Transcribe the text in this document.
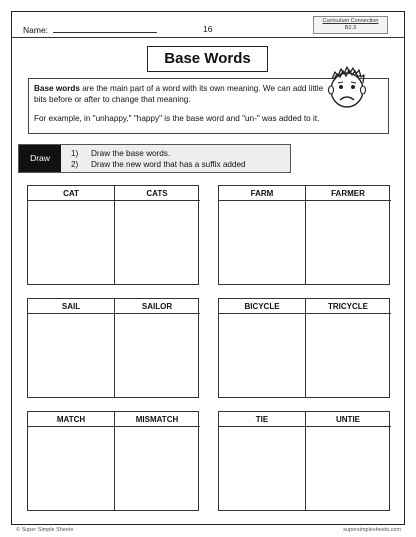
Name:	16
Curriculum Connection
B2.3
Base Words

Base words are the main part of a word with its own meaning. We can add little bits before or after to change that meaning.

For example, in "unhappy," "happy" is the base word and "un-" was added to it.

Draw	1)	Draw the base words.
2)	Draw the new word that has a suffix added
CAT	CATS	FARM	FARMER
SAIL	SAILOR	BICYCLE	TRICYCLE
MATCH	MISMATCH	TIE	UNTIE
© Super Simple Sheets	supersimplesheets.com
